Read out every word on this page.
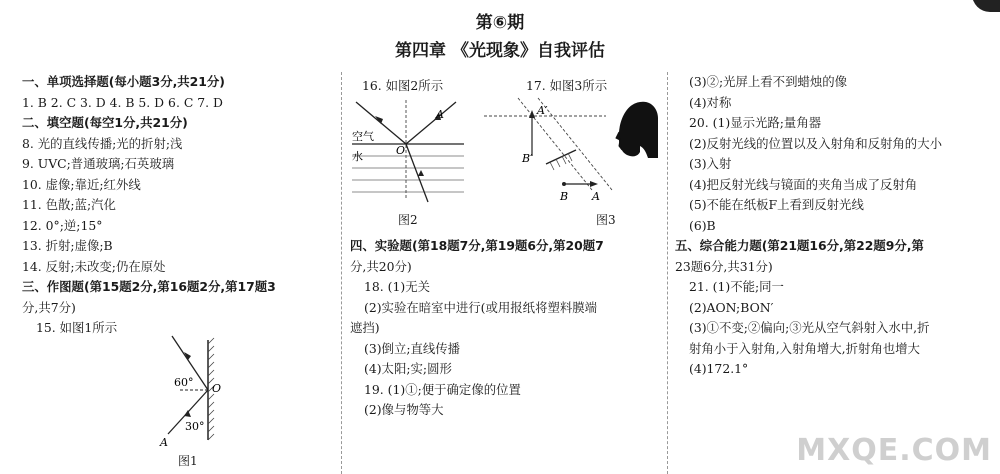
第⑥期
第四章 《光现象》自我评估

一、单项选择题(每小题3分,共21分)

1. B 2. C 3. D 4. B 5. D 6. C 7. D

二、填空题(每空1分,共21分)

8. 光的直线传播;光的折射;浅

9. UVC;普通玻璃;石英玻璃

10. 虚像;靠近;红外线

11. 色散;蓝;汽化

12. 0°;逆;15°

13. 折射;虚像;B

14. 反射;未改变;仍在原处

三、作图题(第15题2分,第16题2分,第17题3

分,共7分)

15. 如图1所示

60°
30°
O
A
图1
16. 如图2所示	17. 如图3所示
空气
水	O
A
图2
A′
B′
B A
图3

四、实验题(第18题7分,第19题6分,第20题7

分,共20分)

18. (1)无关

(2)实验在暗室中进行(或用报纸将塑料膜端

遮挡)

(3)倒立;直线传播

(4)太阳;实;圆形

19. (1)①;便于确定像的位置

(2)像与物等大

(3)②;光屏上看不到蜡烛的像

(4)对称

20. (1)显示光路;量角器

(2)反射光线的位置以及入射角和反射角的大小

(3)入射

(4)把反射光线与镜面的夹角当成了反射角

(5)不能在纸板F上看到反射光线

(6)B

五、综合能力题(第21题16分,第22题9分,第

23题6分,共31分)

21. (1)不能;同一

(2)AON;BON′

(3)①不变;②偏向;③光从空气斜射入水中,折

射角小于入射角,入射角增大,折射角也增大

(4)172.1°

MXQE.COM
